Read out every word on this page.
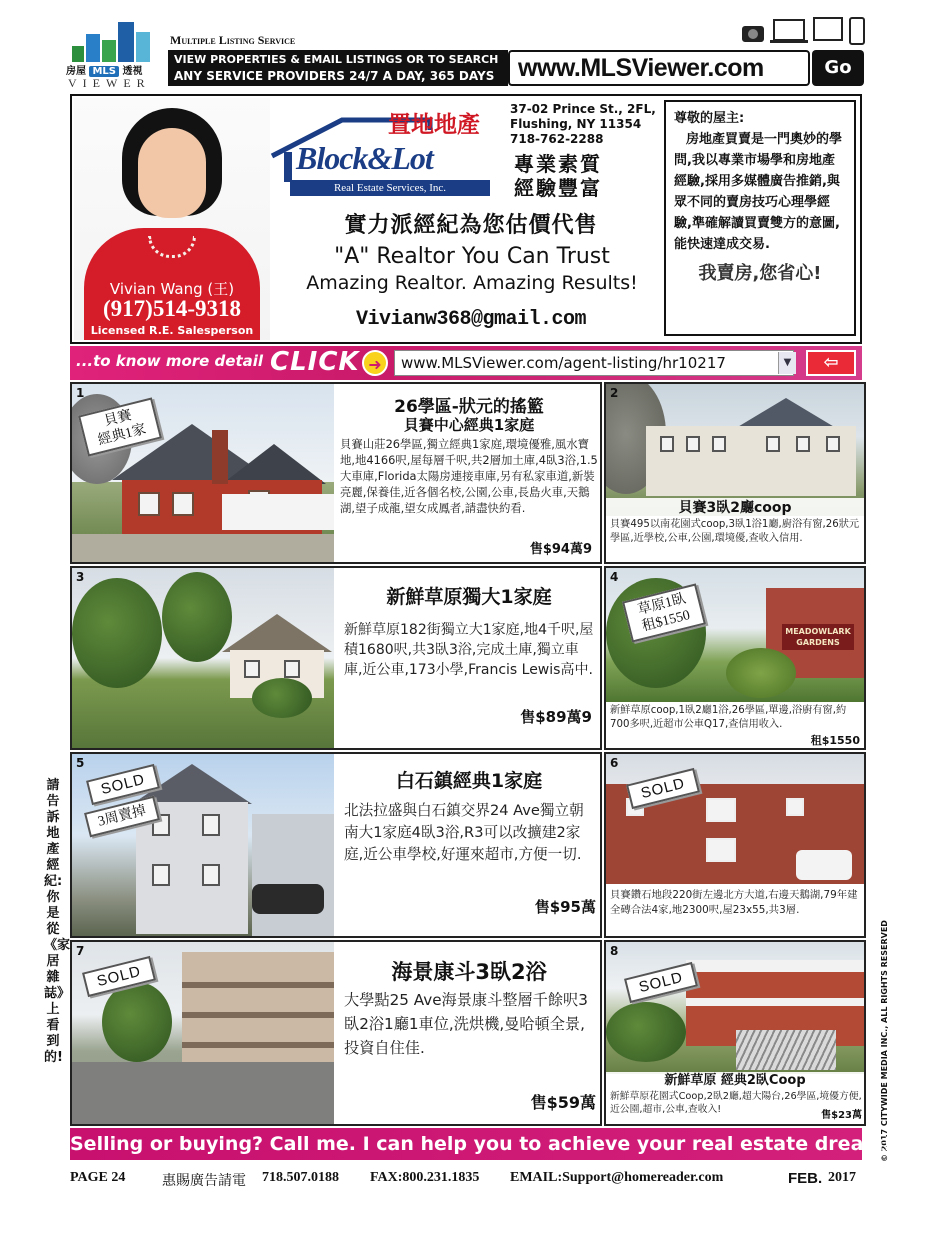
房屋 MLS 透視
VIEWER
Multiple Listing Service
VIEW PROPERTIES & EMAIL LISTINGS OR TO SEARCH
ANY SERVICE PROVIDERS 24/7 A DAY, 365 DAYS www.MLSViewer.com	Go
Vivian Wang (王)
(917)514-9318
Licensed R.E. Salesperson
置地地產
Block&Lot
Real Estate Services, Inc.
37-02 Prince St., 2FL,
Flushing, NY 11354
718-762-2288
專業素質
經驗豐富
實力派經紀為您估價代售
"A" Realtor You Can Trust
Amazing Realtor. Amazing Results!
Vivianw368@gmail.com
尊敬的屋主:
房地產買賣是一門奧妙的學問,我以專業市場學和房地產經驗,採用多媒體廣告推銷,與眾不同的賣房技巧心理學經驗,準確解讀買賣雙方的意圖,能快速達成交易.
我賣房,您省心!
...to know more detail CLICK ➜	www.MLSViewer.com/agent-listing/hr10217	▼	⇦
1
貝賽
經典1家
26學區-狀元的搖籃
貝賽中心經典1家庭
貝賽山莊26學區,獨立經典1家庭,環境優雅,風水寶地,地4166呎,屋每層千呎,共2層加土庫,4臥3浴,1.5大車庫,Florida太陽房連接車庫,另有私家車道,新裝亮麗,保養佳,近各個名校,公園,公車,長島火車,天鵝湖,望子成龍,望女成鳳者,請盡快約看.
售$94萬9
2
貝賽3臥2廳coop
貝賽495以南花園式coop,3臥1浴1廳,廚浴有窗,26狀元學區,近學校,公車,公園,環境優,查收入信用.
3
新鮮草原獨大1家庭
新鮮草原182街獨立大1家庭,地4千呎,屋積1680呎,共3臥3浴,完成土庫,獨立車庫,近公車,173小學,Francis Lewis高中.
售$89萬9
4
MEADOWLARK
GARDENS
草原1臥
租$1550
新鮮草原coop,1臥2廳1浴,26學區,單邊,浴廚有窗,約700多呎,近超市公車Q17,查信用收入.
租$1550
5
SOLD
3周賣掉
白石鎮經典1家庭
北法拉盛與白石鎮交界24 Ave獨立朝南大1家庭4臥3浴,R3可以改擴建2家庭,近公車學校,好運來超市,方便一切.
售$95萬
6
SOLD
貝賽鑽石地段220街左邊北方大道,右邊天鵝湖,79年建全磚合法4家,地2300呎,屋23x55,共3層.
7
SOLD	海景康斗3臥2浴
大學點25 Ave海景康斗整層千餘呎3臥2浴1廳1車位,洗烘機,曼哈頓全景,投資自住佳.
售$59萬
8
SOLD
新鮮草原 經典2臥Coop
新鮮草原花園式Coop,2臥2廳,超大陽台,26學區,境優方便,近公園,超市,公車,查收入!
售$23萬
請告訴地產經紀:你是從《家居雜誌》上看到的!	© 2017 CITYWIDE MEDIA INC., ALL RIGHTS RESERVED
Selling or buying? Call me. I can help you to achieve your real estate dream!
PAGE 24	惠賜廣告請電 718.507.0188 FAX:800.231.1835 EMAIL:Support@homereader.com	FEB. 2017
